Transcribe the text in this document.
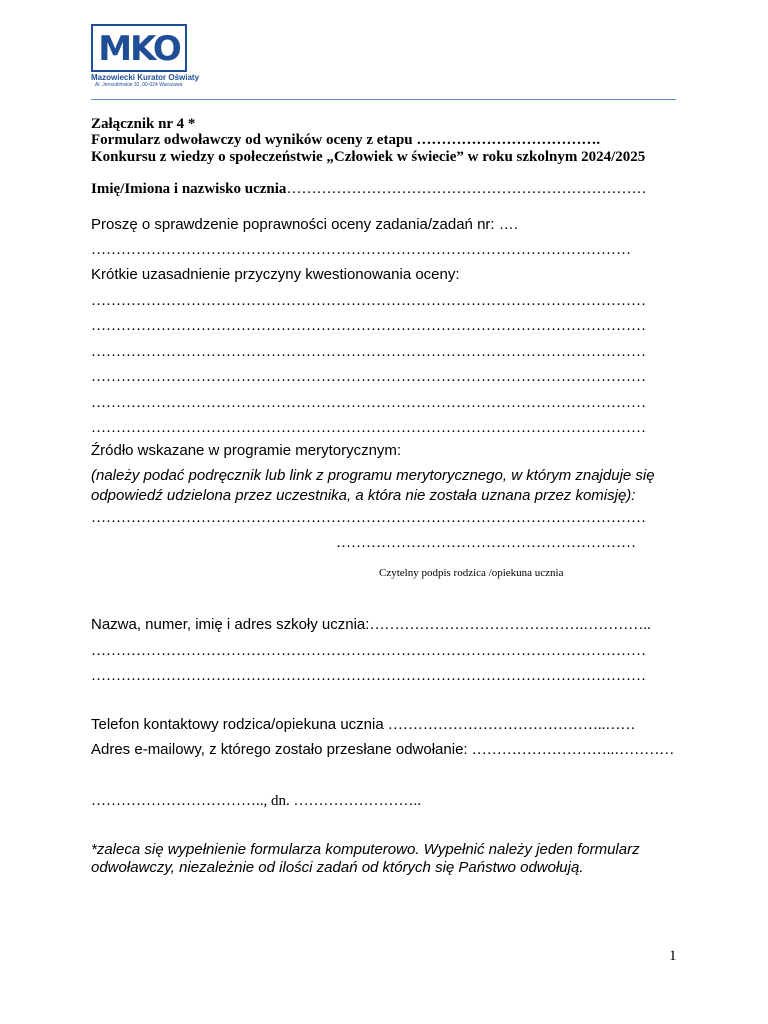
MKO
Mazowiecki Kurator Oświaty
Al. Jerozolimskie 32, 00-024 Warszawa
Załącznik nr 4 *
Formularz odwoławczy od wyników oceny z etapu ……………………………….
Konkursu z wiedzy o społeczeństwie „Człowiek w świecie” w roku szkolnym 2024/2025
Imię/Imiona i nazwisko ucznia………………………………………………………………
Proszę o sprawdzenie poprawności oceny zadania/zadań nr: ….
………………………………………………………………………………………………
Krótkie uzasadnienie przyczyny kwestionowania oceny:
…………………………………………………………………………………………………
…………………………………………………………………………………………………
…………………………………………………………………………………………………
…………………………………………………………………………………………………
…………………………………………………………………………………………………
…………………………………………………………………………………………………
Źródło wskazane w programie merytorycznym:
(należy podać podręcznik lub link z programu merytorycznego, w którym znajduje się
odpowiedź udzielona przez uczestnika, a która nie została uznana przez komisję):
…………………………………………………………………………………………………
……………………………………………………
Czytelny podpis rodzica /opiekuna ucznia
Nazwa, numer, imię i adres szkoły ucznia:…………………………………….…………..
…………………………………………………………………………………………………
…………………………………………………………………………………………………
Telefon kontaktowy rodzica/opiekuna ucznia ……………………………………..……
Adres e-mailowy, z którego zostało przesłane odwołanie: ………………………..…………
…………………………….., dn. ……………………..
*zaleca się wypełnienie formularza komputerowo. Wypełnić należy jeden formularz
odwoławczy, niezależnie od ilości zadań od których się Państwo odwołują.
1
